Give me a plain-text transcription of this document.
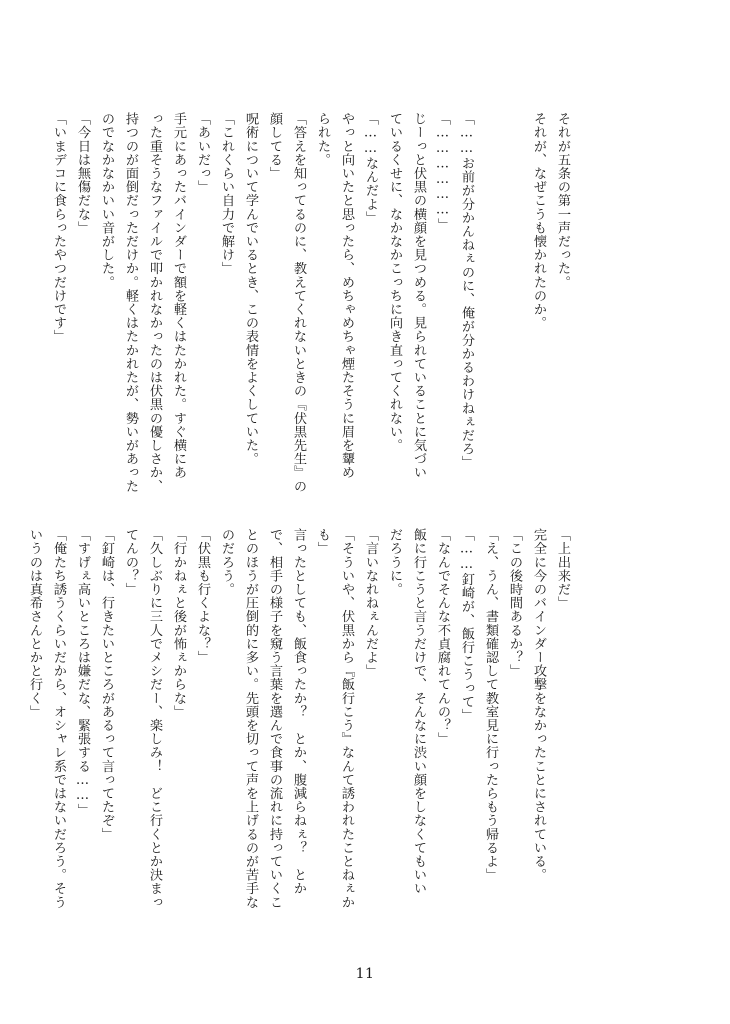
それが五条の第一声だった。
それが、なぜこうも懐かれたのか。
「……お前が分かんねぇのに、俺が分かるわけねぇだろ」
「………………」
じーっと伏黒の横顔を見つめる。見られていることに気づい
ているくせに、なかなかこっちに向き直ってくれない。
「……なんだよ」
やっと向いたと思ったら、めちゃめちゃ煙たそうに眉を顰め
られた。
「答えを知ってるのに、教えてくれないときの『伏黒先生』の
顔してる」
呪術について学んでいるとき、この表情をよくしていた。
「これくらい自力で解け」
「あいだっ」
手元にあったバインダーで額を軽くはたかれた。すぐ横にあ
った重そうなファイルで叩かれなかったのは伏黒の優しさか、
持つのが面倒だっただけか。軽くはたかれたが、勢いがあった
のでなかなかいい音がした。
「今日は無傷だな」
「いまデコに食らったやつだけです」
「上出来だ」
完全に今のバインダー攻撃をなかったことにされている。
「この後時間あるか？」
「え、うん、書類確認して教室見に行ったらもう帰るよ」
「……釘崎が、飯行こうって」
「なんでそんな不貞腐れてんの？」
飯に行こうと言うだけで、そんなに渋い顔をしなくてもいい
だろうに。
「言いなれねぇんだよ」
「そういや、伏黒から『飯行こう』なんて誘われたことねぇか
も」
言ったとしても、飯食ったか？　とか、腹減らねぇ？　とか
で、相手の様子を窺う言葉を選んで食事の流れに持っていくこ
とのほうが圧倒的に多い。先頭を切って声を上げるのが苦手な
のだろう。
「伏黒も行くよな？」
「行かねぇと後が怖ぇからな」
「久しぶりに三人でメシだー、楽しみ！　どこ行くとか決まっ
てんの？」
「釘崎は、行きたいところがあるって言ってたぞ」
「すげぇ高いところは嫌だな、緊張する……」
「俺たち誘うくらいだから、オシャレ系ではないだろう。そう
いうのは真希さんとかと行く」
11
